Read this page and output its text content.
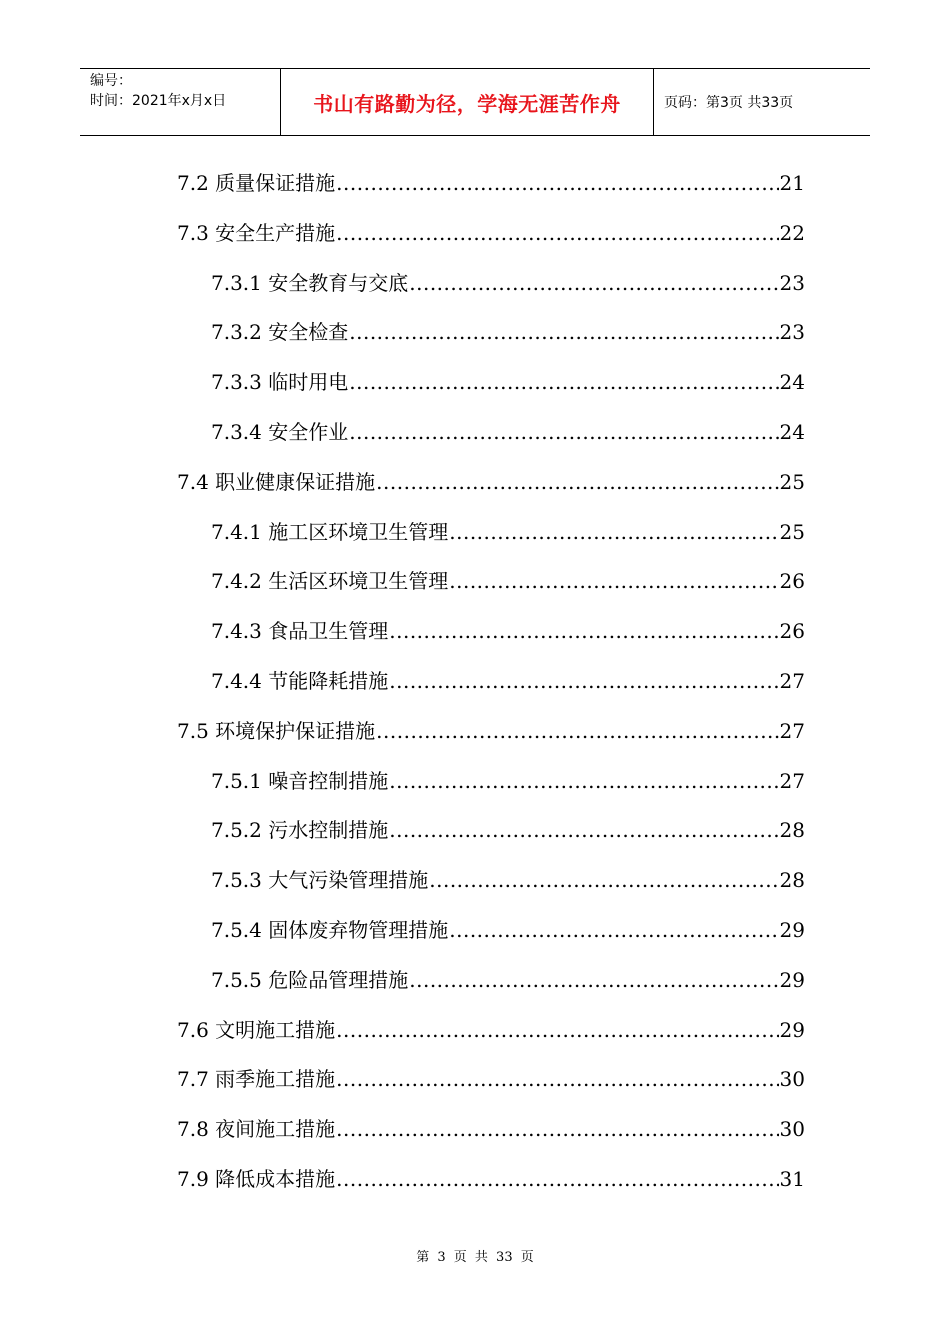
编号：
时间：2021年x月x日	书山有路勤为径，学海无涯苦作舟	页码：第3页 共33页
7.2 质量保证措施 .....	21
7.3 安全生产措施 .....	22
7.3.1 安全教育与交底 .....	23
7.3.2 安全检查 .....	23
7.3.3 临时用电 .....	24
7.3.4 安全作业 .....	24
7.4 职业健康保证措施 .....	25
7.4.1 施工区环境卫生管理 .....	25
7.4.2 生活区环境卫生管理 .....	26
7.4.3 食品卫生管理 .....	26
7.4.4 节能降耗措施 .....	27
7.5 环境保护保证措施 .....	27
7.5.1 噪音控制措施 .....	27
7.5.2 污水控制措施 .....	28
7.5.3 大气污染管理措施 .....	28
7.5.4 固体废弃物管理措施 .....	29
7.5.5 危险品管理措施 .....	29
7.6 文明施工措施 .....	29
7.7 雨季施工措施 .....	30
7.8 夜间施工措施 .....	30
7.9 降低成本措施 .....	31
第 3 页 共 33 页
